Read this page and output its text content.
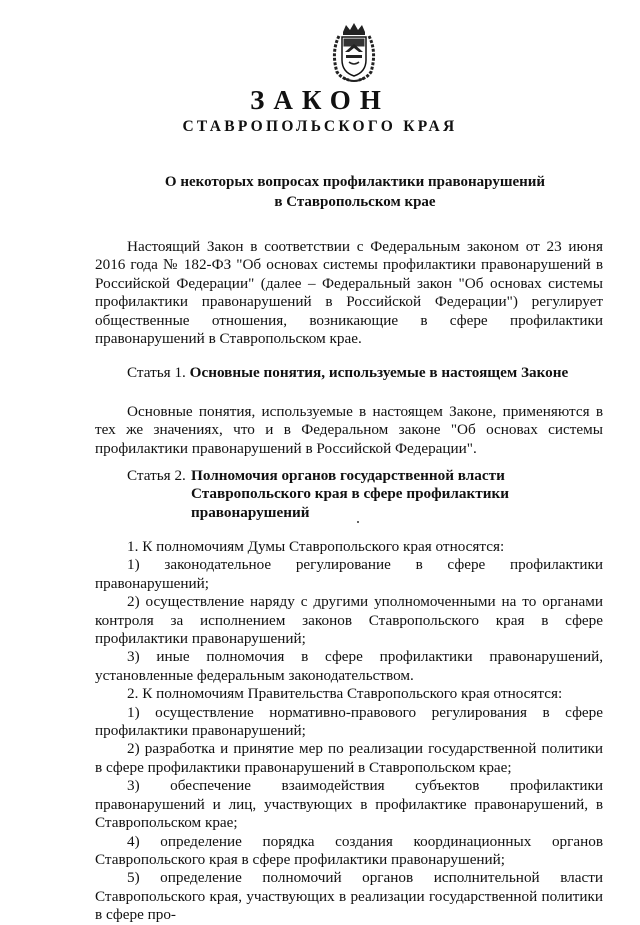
ЗАКОН
СТАВРОПОЛЬСКОГО КРАЯ
О некоторых вопросах профилактики правонарушений
в Ставропольском крае
Настоящий Закон в соответствии с Федеральным законом от 23 июня 2016 года № 182-ФЗ "Об основах системы профилактики правонарушений в Российской Федерации" (далее – Федеральный закон "Об основах системы профилактики правонарушений в Российской Федерации") регулирует общественные отношения, возникающие в сфере профилактики правонарушений в Ставропольском крае.
Статья 1. Основные понятия, используемые в настоящем Законе
Основные понятия, используемые в настоящем Законе, применяются в тех же значениях, что и в Федеральном законе "Об основах системы профилактики правонарушений в Российской Федерации".
Статья 2. Полномочия органов государственной власти Ставропольского края в сфере профилактики правонарушений

1. К полномочиям Думы Ставропольского края относятся:

1) законодательное регулирование в сфере профилактики правонарушений;

2) осуществление наряду с другими уполномоченными на то органами контроля за исполнением законов Ставропольского края в сфере профилактики правонарушений;

3) иные полномочия в сфере профилактики правонарушений, установленные федеральным законодательством.

2. К полномочиям Правительства Ставропольского края относятся:

1) осуществление нормативно-правового регулирования в сфере профилактики правонарушений;

2) разработка и принятие мер по реализации государственной политики в сфере профилактики правонарушений в Ставропольском крае;

3) обеспечение взаимодействия субъектов профилактики правонарушений и лиц, участвующих в профилактике правонарушений, в Ставропольском крае;

4) определение порядка создания координационных органов Ставропольского края в сфере профилактики правонарушений;

5) определение полномочий органов исполнительной власти Ставропольского края, участвующих в реализации государственной политики в сфере про-
